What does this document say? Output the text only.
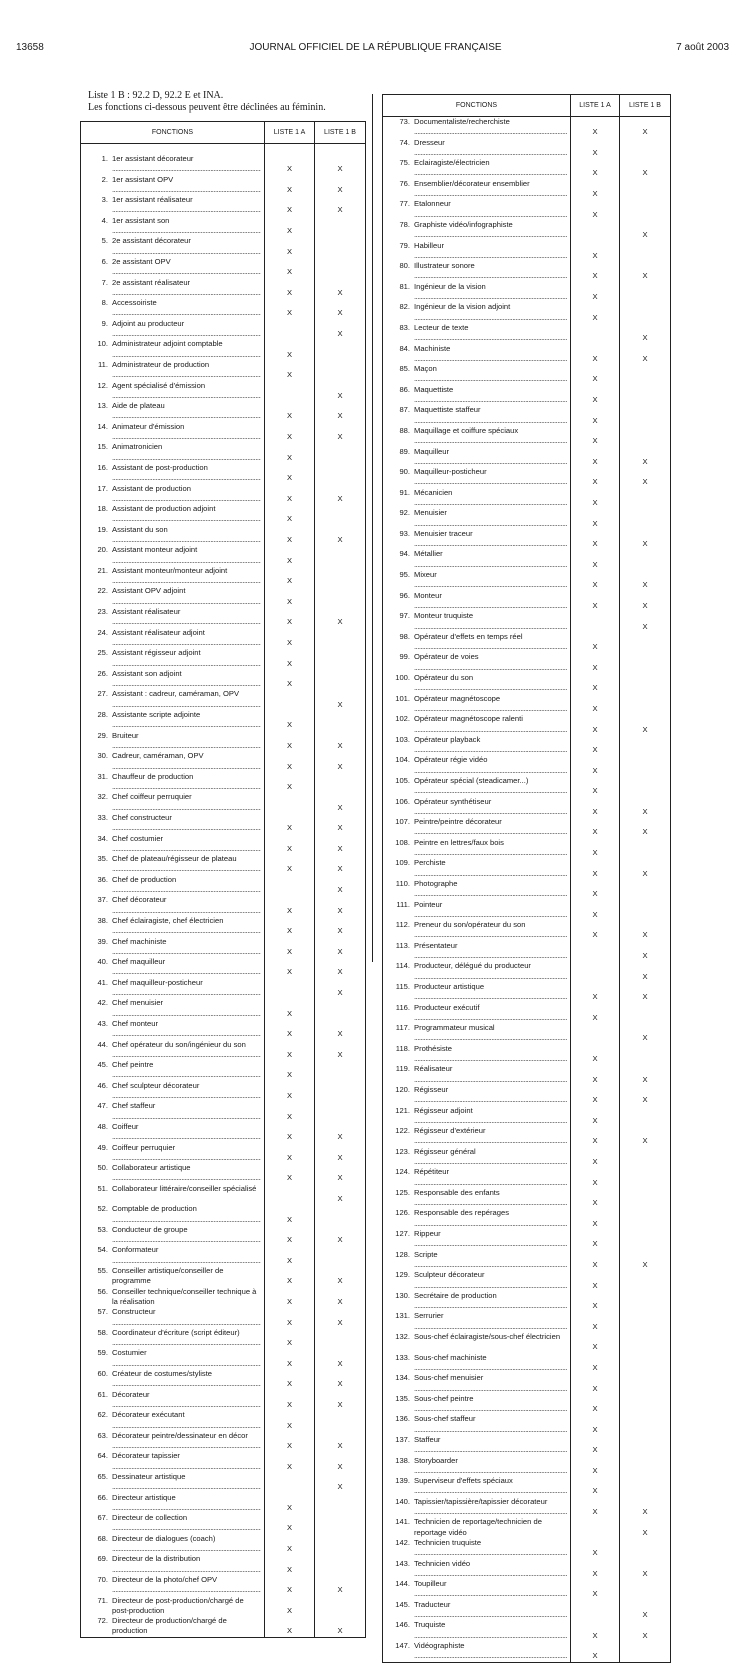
13658	JOURNAL OFFICIEL DE LA RÉPUBLIQUE FRANÇAISE	7 août 2003
Liste 1 B : 92.2 D, 92.2 E et INA.
Les fonctions ci-dessous peuvent être déclinées au féminin.
FONCTIONS	LISTE 1 A	LISTE 1 B

1. 1er assistant décorateur .....	X	X
2. 1er assistant OPV .....	X	X
3. 1er assistant réalisateur .....	X	X
4. 1er assistant son .....	X	
5. 2e assistant décorateur .....	X	
6. 2e assistant OPV .....	X	
7. 2e assistant réalisateur .....	X	X
8. Accessoiriste .....	X	X
9. Adjoint au producteur .....		X
10. Administrateur adjoint comptable .....	X	
11. Administrateur de production .....	X	
12. Agent spécialisé d'émission .....		X
13. Aide de plateau .....	X	X
14. Animateur d'émission .....	X	X
15. Animatronicien .....	X	
16. Assistant de post-production .....	X	
17. Assistant de production .....	X	X
18. Assistant de production adjoint .....	X	
19. Assistant du son .....	X	X
20. Assistant monteur adjoint .....	X	
21. Assistant monteur/monteur adjoint .....	X	
22. Assistant OPV adjoint .....	X	
23. Assistant réalisateur .....	X	X
24. Assistant réalisateur adjoint .....	X	
25. Assistant régisseur adjoint .....	X	
26. Assistant son adjoint .....	X	
27. Assistant : cadreur, caméraman, OPV .....		X
28. Assistante scripte adjointe .....	X	
29. Bruiteur .....	X	X
30. Cadreur, caméraman, OPV .....	X	X
31. Chauffeur de production .....	X	
32. Chef coiffeur perruquier .....		X
33. Chef constructeur .....	X	X
34. Chef costumier .....	X	X
35. Chef de plateau/régisseur de plateau .....	X	X
36. Chef de production .....		X
37. Chef décorateur .....	X	X
38. Chef éclairagiste, chef électricien .....	X	X
39. Chef machiniste .....	X	X
40. Chef maquilleur .....	X	X
41. Chef maquilleur-posticheur .....		X
42. Chef menuisier .....	X	
43. Chef monteur .....	X	X
44. Chef opérateur du son/ingénieur du son .....	X	X
45. Chef peintre .....	X	
46. Chef sculpteur décorateur .....	X	
47. Chef staffeur .....	X	
48. Coiffeur .....	X	X
49. Coiffeur perruquier .....	X	X
50. Collaborateur artistique .....	X	X
51. Collaborateur littéraire/conseiller spécialisé		X
52. Comptable de production .....	X	
53. Conducteur de groupe .....	X	X
54. Conformateur .....	X	
55. Conseiller artistique/conseiller de programme	X	X
56. Conseiller technique/conseiller technique à la réalisation	X	X
57. Constructeur .....	X	X
58. Coordinateur d'écriture (script éditeur) .....	X	
59. Costumier .....	X	X
60. Créateur de costumes/styliste .....	X	X
61. Décorateur .....	X	X
62. Décorateur exécutant .....	X	
63. Décorateur peintre/dessinateur en décor .....	X	X
64. Décorateur tapissier .....	X	X
65. Dessinateur artistique .....		X
66. Directeur artistique .....	X	
67. Directeur de collection .....	X	
68. Directeur de dialogues (coach) .....	X	
69. Directeur de la distribution .....	X	
70. Directeur de la photo/chef OPV .....	X	X
71. Directeur de post-production/chargé de post-production	X	
72. Directeur de production/chargé de production	X	X
FONCTIONS	LISTE 1 A	LISTE 1 B
73. Documentaliste/recherchiste .....	X	X
74. Dresseur .....	X	
75. Eclairagiste/électricien .....	X	X
76. Ensemblier/décorateur ensemblier .....	X	
77. Etalonneur .....	X	
78. Graphiste vidéo/infographiste .....		X
79. Habilleur .....	X	
80. Illustrateur sonore .....	X	X
81. Ingénieur de la vision .....	X	
82. Ingénieur de la vision adjoint .....	X	
83. Lecteur de texte .....		X
84. Machiniste .....	X	X
85. Maçon .....	X	
86. Maquettiste .....	X	
87. Maquettiste staffeur .....	X	
88. Maquillage et coiffure spéciaux .....	X	
89. Maquilleur .....	X	X
90. Maquilleur-posticheur .....	X	X
91. Mécanicien .....	X	
92. Menuisier .....	X	
93. Menuisier traceur .....	X	X
94. Métallier .....	X	
95. Mixeur .....	X	X
96. Monteur .....	X	X
97. Monteur truquiste .....		X
98. Opérateur d'effets en temps réel .....	X	
99. Opérateur de voies .....	X	
100. Opérateur du son .....	X	
101. Opérateur magnétoscope .....	X	
102. Opérateur magnétoscope ralenti .....	X	X
103. Opérateur playback .....	X	
104. Opérateur régie vidéo .....	X	
105. Opérateur spécial (steadicamer...) .....	X	
106. Opérateur synthétiseur .....	X	X
107. Peintre/peintre décorateur .....	X	X
108. Peintre en lettres/faux bois .....	X	
109. Perchiste .....	X	X
110. Photographe .....	X	
111. Pointeur .....	X	
112. Preneur du son/opérateur du son .....	X	X
113. Présentateur .....		X
114. Producteur, délégué du producteur .....		X
115. Producteur artistique .....	X	X
116. Producteur exécutif .....	X	
117. Programmateur musical .....		X
118. Prothésiste .....	X	
119. Réalisateur .....	X	X
120. Régisseur .....	X	X
121. Régisseur adjoint .....	X	
122. Régisseur d'extérieur .....	X	X
123. Régisseur général .....	X	
124. Répétiteur .....	X	
125. Responsable des enfants .....	X	
126. Responsable des repérages .....	X	
127. Rippeur .....	X	
128. Scripte .....	X	X
129. Sculpteur décorateur .....	X	
130. Secrétaire de production .....	X	
131. Serrurier .....	X	
132. Sous-chef éclairagiste/sous-chef électricien	X	
133. Sous-chef machiniste .....	X	
134. Sous-chef menuisier .....	X	
135. Sous-chef peintre .....	X	
136. Sous-chef staffeur .....	X	
137. Staffeur .....	X	
138. Storyboarder .....	X	
139. Superviseur d'effets spéciaux .....	X	
140. Tapissier/tapissière/tapissier décorateur .....	X	X
141. Technicien de reportage/technicien de reportage vidéo		X
142. Technicien truquiste .....	X	
143. Technicien vidéo .....	X	X
144. Toupilleur .....	X	
145. Traducteur .....		X
146. Truquiste .....	X	X
147. Vidéographiste .....	X	
